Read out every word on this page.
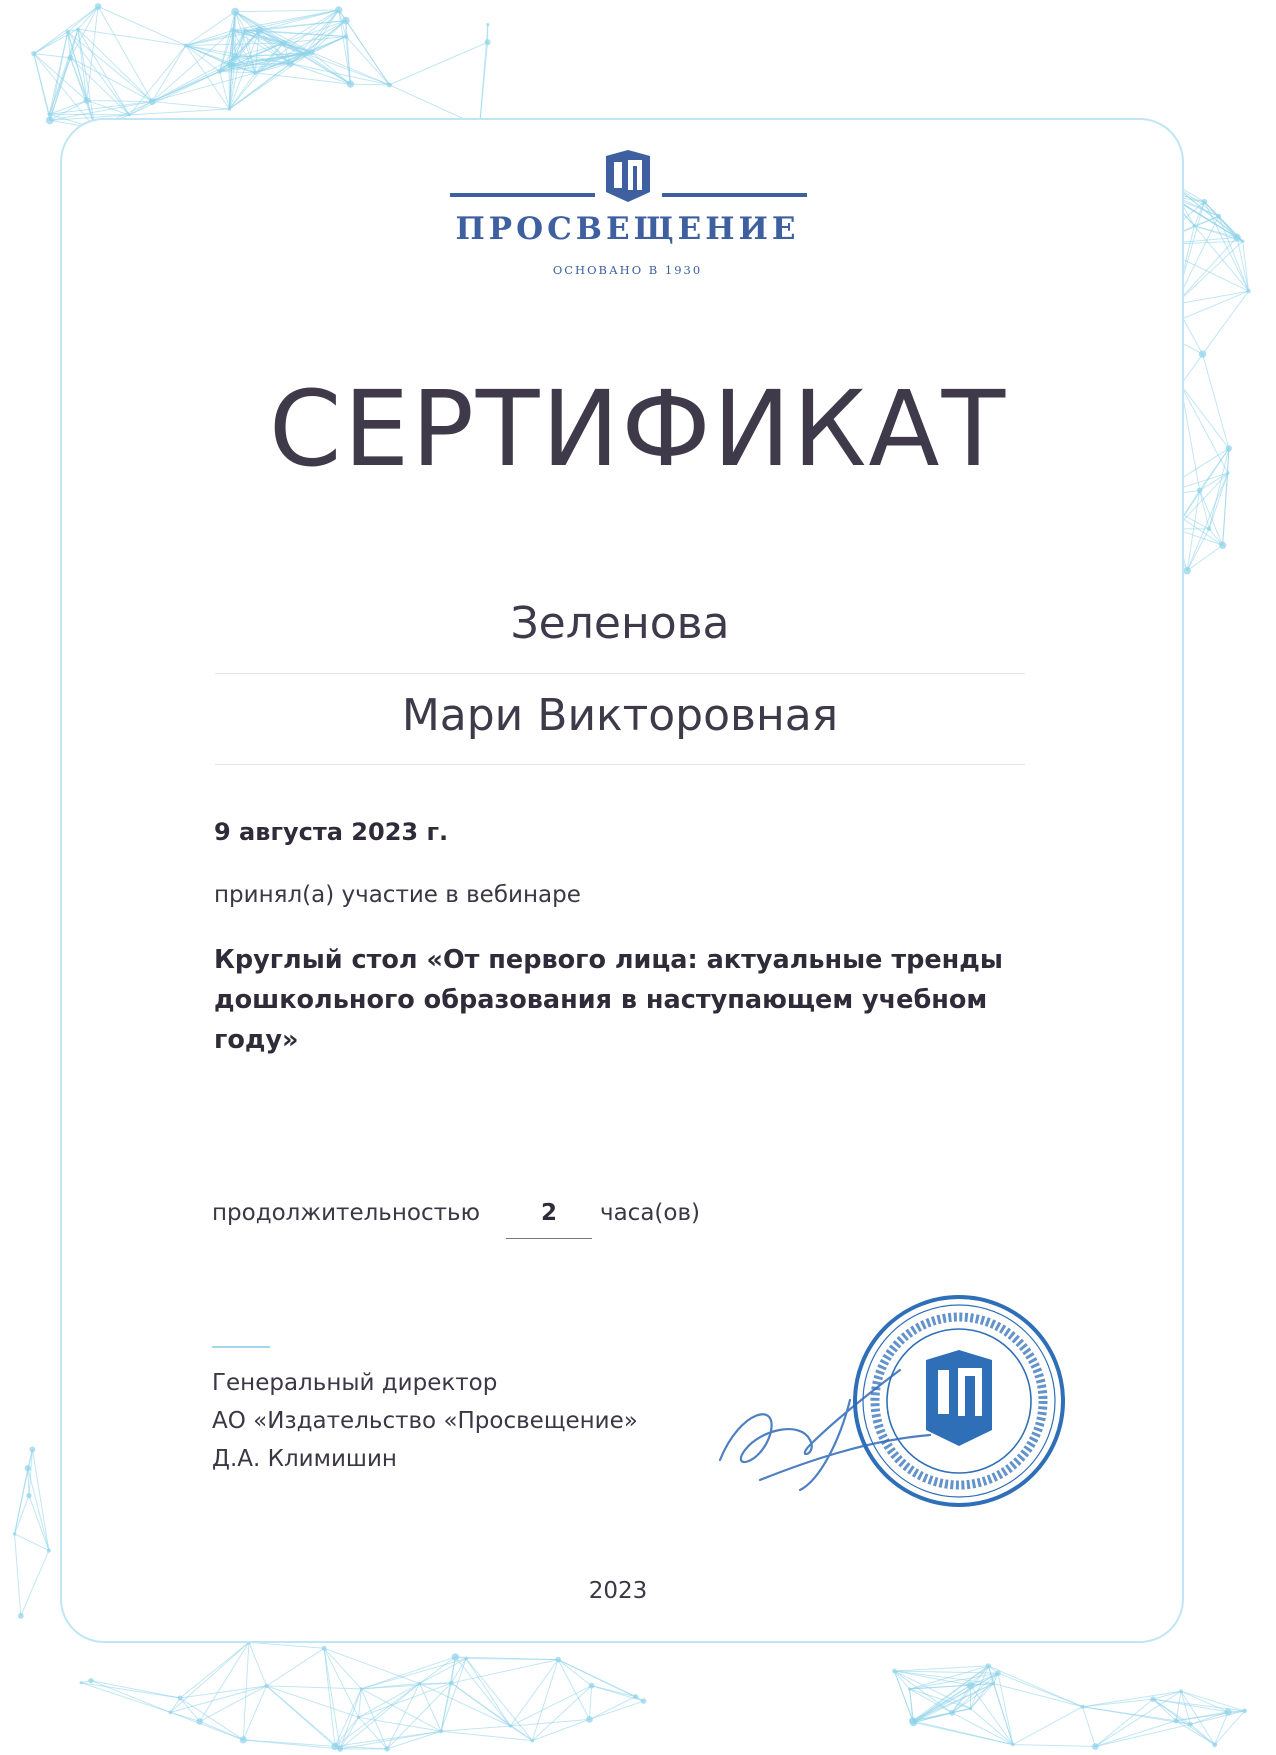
ПРОСВЕЩЕНИЕ
ОСНОВАНО В 1930
СЕРТИФИКАТ
Зеленова
Мари Викторовная
9 августа 2023 г.
принял(а) участие в вебинаре
Круглый стол «От первого лица: актуальные тренды дошкольного образования в наступающем учебном году»
продолжительностью	2	часа(ов)
Генеральный директор
АО «Издательство «Просвещение»
Д.А. Климишин
2023
